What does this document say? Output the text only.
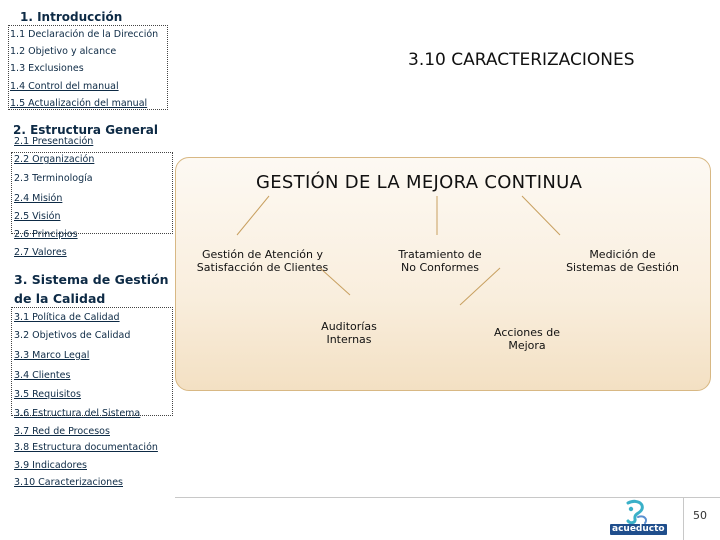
1. Introducción
1.1 Declaración de la Dirección
1.2 Objetivo y alcance
1.3 Exclusiones
1.4 Control del manual
1.5 Actualización del manual
2. Estructura General
2.1 Presentación
2.2 Organización
2.3 Terminología
2.4 Misión
2.5 Visión
2.6 Principios
2.7 Valores
3. Sistema de Gestión
de la Calidad
3.1 Política de Calidad
3.2 Objetivos de Calidad
3.3 Marco Legal
3.4 Clientes
3.5 Requisitos
3.6 Estructura del Sistema
3.7 Red de Procesos
3.8 Estructura documentación
3.9 Indicadores
3.10 Caracterizaciones
3.10 CARACTERIZACIONES
GESTIÓN DE LA MEJORA CONTINUA
Gestión de Atención y
Satisfacción de Clientes
Tratamiento de
No Conformes
Medición de
Sistemas de Gestión
Auditorías
Internas
Acciones de
Mejora
acueducto
50
